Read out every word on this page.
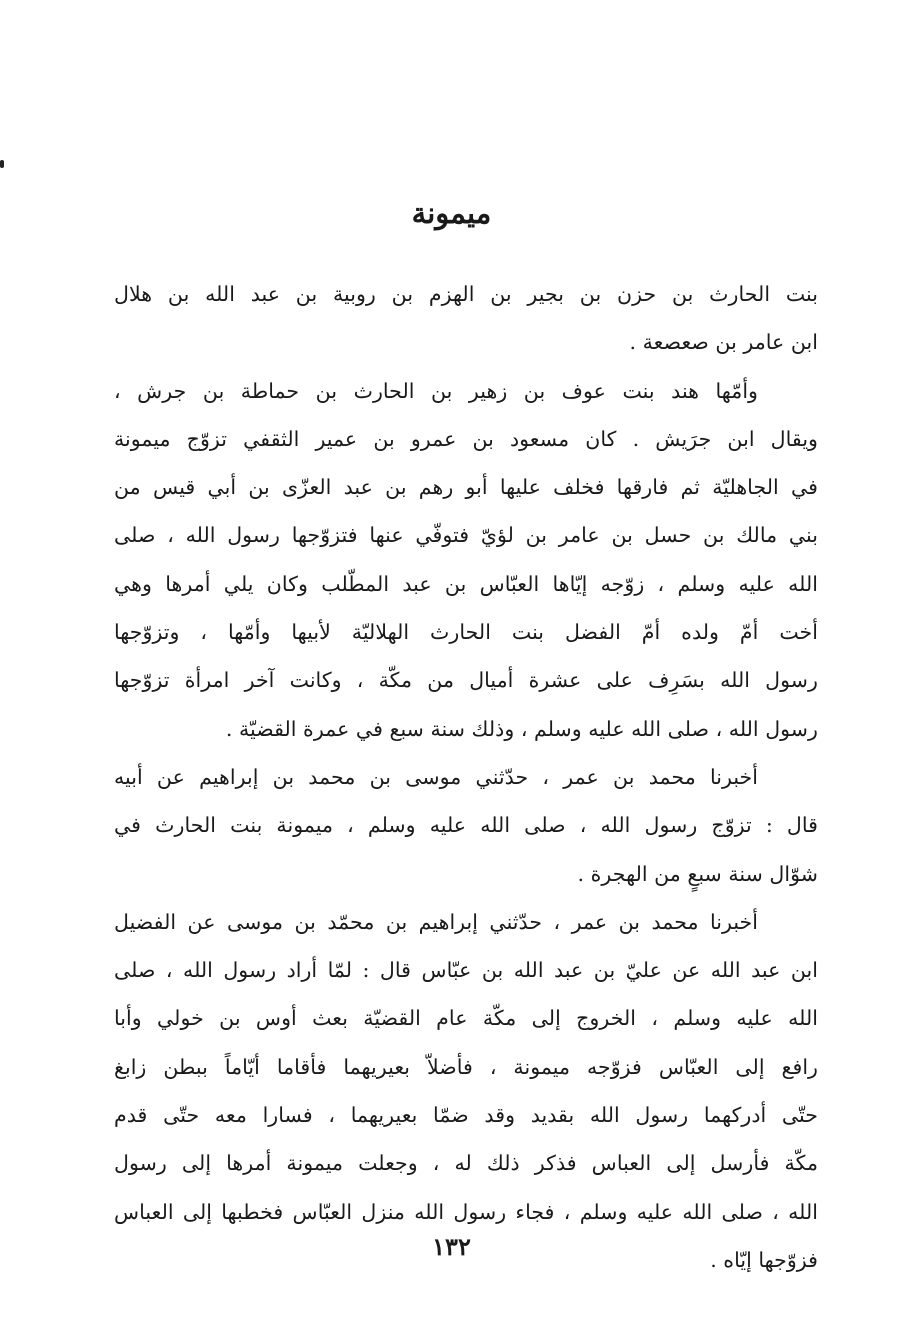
ميمونة
بنت الحارث بن حزن بن بجير بن الهزم بن روبية بن عبد الله بن هلال
ابن عامر بن صعصعة .
وأمّها هند بنت عوف بن زهير بن الحارث بن حماطة بن جرش ،
ويقال ابن جرَيش . كان مسعود بن عمرو بن عمير الثقفي تزوّج ميمونة
في الجاهليّة ثم فارقها فخلف عليها أبو رهم بن عبد العزّى بن أبي قيس من
بني مالك بن حسل بن عامر بن لؤيّ فتوفّي عنها فتزوّجها رسول الله ، صلى
الله عليه وسلم ، زوّجه إيّاها العبّاس بن عبد المطّلب وكان يلي أمرها وهي
أخت أمّ ولده أمّ الفضل بنت الحارث الهلاليّة لأبيها وأمّها ، وتزوّجها
رسول الله بسَرِف على عشرة أميال من مكّة ، وكانت آخر امرأة تزوّجها
رسول الله ، صلى الله عليه وسلم ، وذلك سنة سبع في عمرة القضيّة .
أخبرنا محمد بن عمر ، حدّثني موسى بن محمد بن إبراهيم عن أبيه
قال : تزوّج رسول الله ، صلى الله عليه وسلم ، ميمونة بنت الحارث في
شوّال سنة سبعٍ من الهجرة .
أخبرنا محمد بن عمر ، حدّثني إبراهيم بن محمّد بن موسى عن الفضيل
ابن عبد الله عن عليّ بن عبد الله بن عبّاس قال : لمّا أراد رسول الله ، صلى
الله عليه وسلم ، الخروج إلى مكّة عام القضيّة بعث أوس بن خولي وأبا
رافع إلى العبّاس فزوّجه ميمونة ، فأضلاّ بعيريهما فأقاما أيّاماً ببطن زابغ
حتّى أدركهما رسول الله بقديد وقد ضمّا بعيريهما ، فسارا معه حتّى قدم
مكّة فأرسل إلى العباس فذكر ذلك له ، وجعلت ميمونة أمرها إلى رسول
الله ، صلى الله عليه وسلم ، فجاء رسول الله منزل العبّاس فخطبها إلى العباس
فزوّجها إيّاه .
١٣٢
